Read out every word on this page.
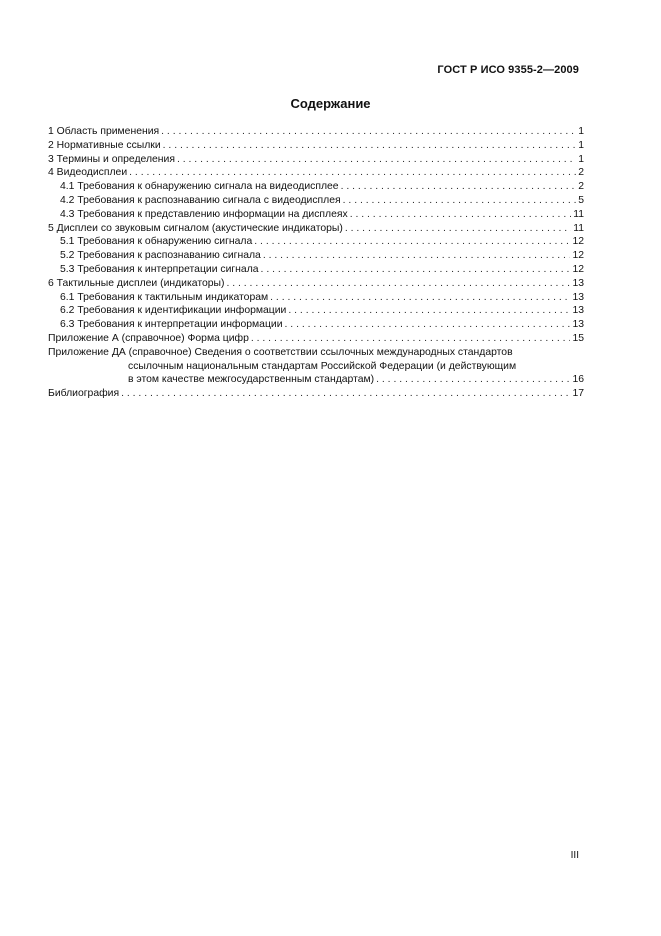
ГОСТ Р ИСО 9355-2—2009
Содержание
1 Область применения . . .	1
2 Нормативные ссылки . . .	1
3 Термины и определения . . .	1
4 Видеодисплеи . . .	2
4.1 Требования к обнаружению сигнала на видеодисплее . . .	2
4.2 Требования к распознаванию сигнала с видеодисплея . . .	5
4.3 Требования к представлению информации на дисплеях . . .	11
5 Дисплеи со звуковым сигналом (акустические индикаторы) . . .	11
5.1 Требования к обнаружению сигнала . . .	12
5.2 Требования к распознаванию сигнала . . .	12
5.3 Требования к интерпретации сигнала . . .	12
6 Тактильные дисплеи (индикаторы) . . .	13
6.1 Требования к тактильным индикаторам . . .	13
6.2 Требования к идентификации информации . . .	13
6.3 Требования к интерпретации информации . . .	13
Приложение А (справочное) Форма цифр . . .	15
Приложение ДА (справочное) Сведения о соответствии ссылочных международных стандартов
ссылочным национальным стандартам Российской Федерации (и действующим
в этом качестве межгосударственным стандартам) . . .	16
Библиография . . .	17
III
